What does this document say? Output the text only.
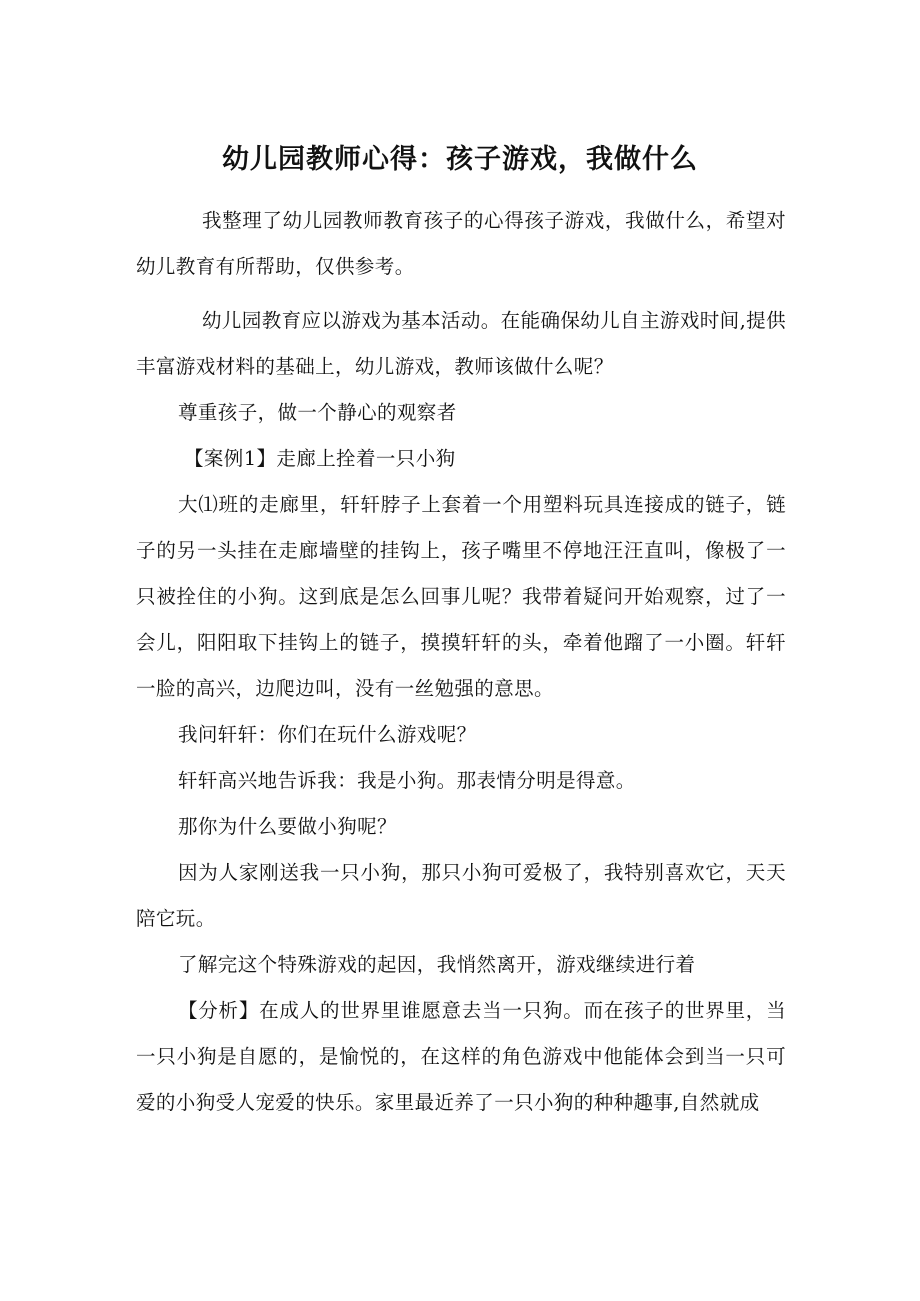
幼儿园教师心得：孩子游戏，我做什么

我整理了幼儿园教师教育孩子的心得孩子游戏，我做什么，希望对幼儿教育有所帮助，仅供参考。

幼儿园教育应以游戏为基本活动。在能确保幼儿自主游戏时间,提供丰富游戏材料的基础上，幼儿游戏，教师该做什么呢？

尊重孩子，做一个静心的观察者

【案例1】走廊上拴着一只小狗

大⑴班的走廊里，轩轩脖子上套着一个用塑料玩具连接成的链子，链子的另一头挂在走廊墙壁的挂钩上，孩子嘴里不停地汪汪直叫，像极了一只被拴住的小狗。这到底是怎么回事儿呢？我带着疑问开始观察，过了一会儿，阳阳取下挂钩上的链子，摸摸轩轩的头，牵着他蹓了一小圈。轩轩一脸的高兴，边爬边叫，没有一丝勉强的意思。

我问轩轩：你们在玩什么游戏呢？

轩轩高兴地告诉我：我是小狗。那表情分明是得意。

那你为什么要做小狗呢？

因为人家刚送我一只小狗，那只小狗可爱极了，我特别喜欢它，天天陪它玩。

了解完这个特殊游戏的起因，我悄然离开，游戏继续进行着

【分析】在成人的世界里谁愿意去当一只狗。而在孩子的世界里，当一只小狗是自愿的，是愉悦的，在这样的角色游戏中他能体会到当一只可爱的小狗受人宠爱的快乐。家里最近养了一只小狗的种种趣事,自然就成
